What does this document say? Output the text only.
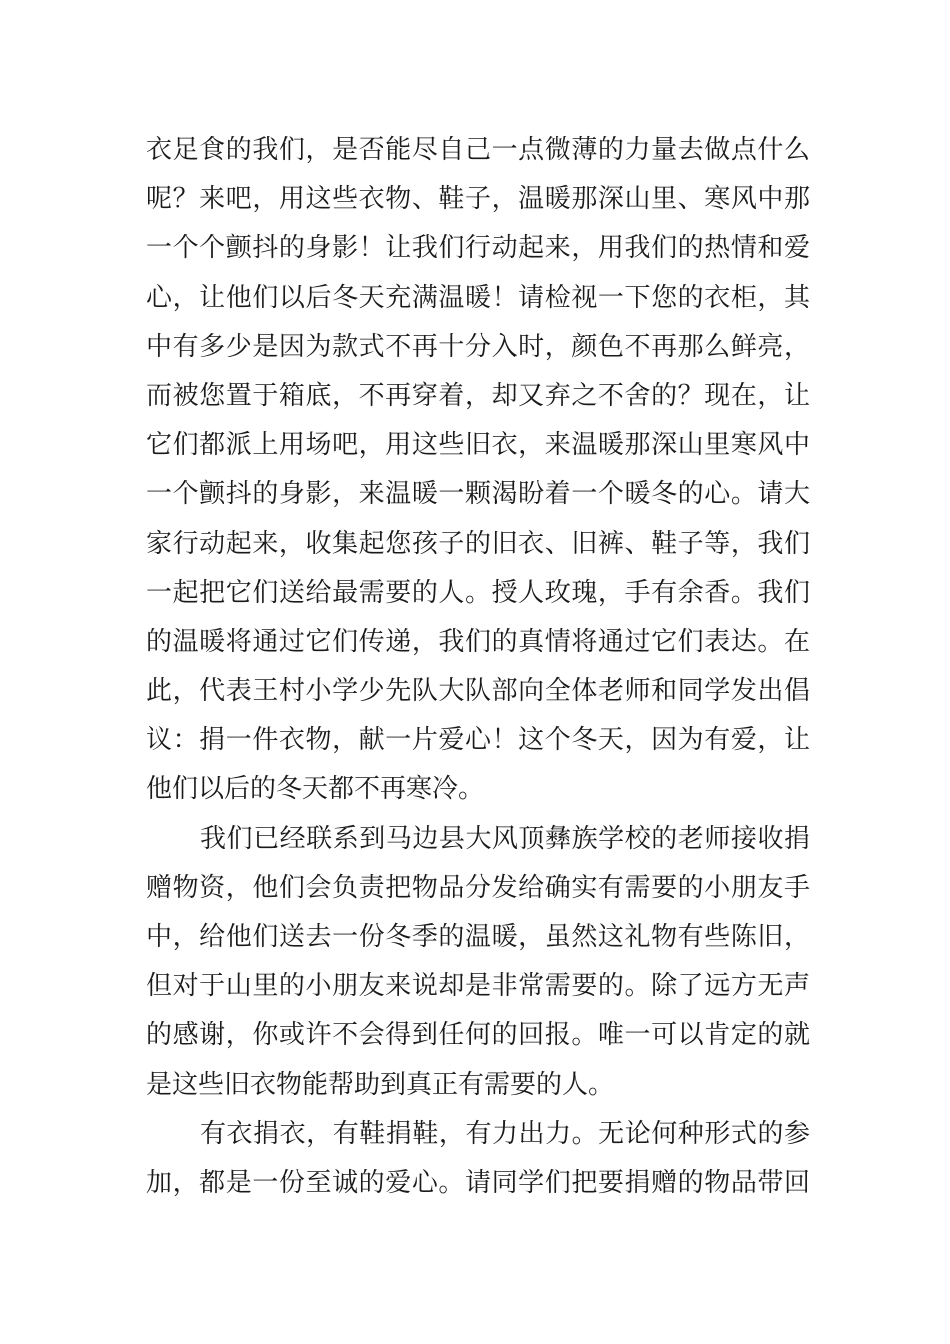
衣足食的我们，是否能尽自己一点微薄的力量去做点什么
呢？来吧，用这些衣物、鞋子，温暖那深山里、寒风中那
一个个颤抖的身影！让我们行动起来，用我们的热情和爱
心，让他们以后冬天充满温暖！请检视一下您的衣柜，其
中有多少是因为款式不再十分入时，颜色不再那么鲜亮，
而被您置于箱底，不再穿着，却又弃之不舍的？现在，让
它们都派上用场吧，用这些旧衣，来温暖那深山里寒风中
一个颤抖的身影，来温暖一颗渴盼着一个暖冬的心。请大
家行动起来，收集起您孩子的旧衣、旧裤、鞋子等，我们
一起把它们送给最需要的人。授人玫瑰，手有余香。我们
的温暖将通过它们传递，我们的真情将通过它们表达。在
此，代表王村小学少先队大队部向全体老师和同学发出倡
议：捐一件衣物，献一片爱心！这个冬天，因为有爱，让
他们以后的冬天都不再寒冷。
我们已经联系到马边县大风顶彝族学校的老师接收捐
赠物资，他们会负责把物品分发给确实有需要的小朋友手
中，给他们送去一份冬季的温暖，虽然这礼物有些陈旧，
但对于山里的小朋友来说却是非常需要的。除了远方无声
的感谢，你或许不会得到任何的回报。唯一可以肯定的就
是这些旧衣物能帮助到真正有需要的人。
有衣捐衣，有鞋捐鞋，有力出力。无论何种形式的参
加，都是一份至诚的爱心。请同学们把要捐赠的物品带回
